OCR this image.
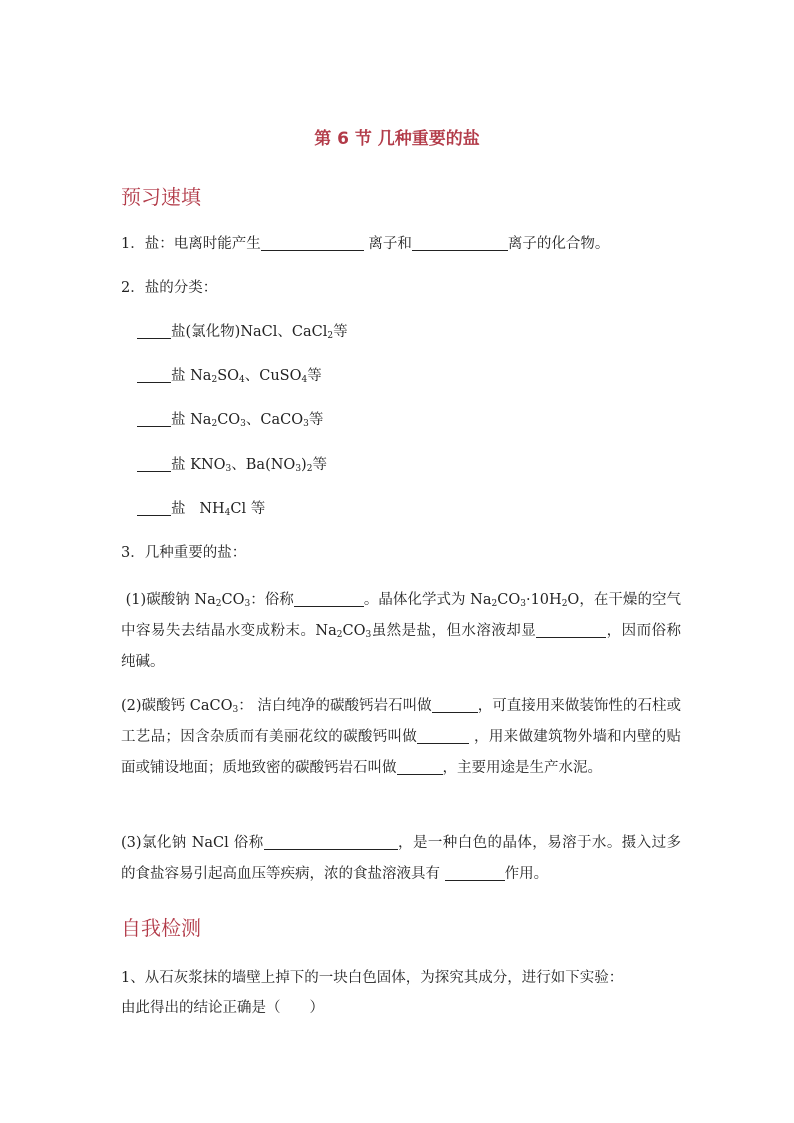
第 6 节 几种重要的盐
预习速填
1．盐：电离时能产生	离子和	离子的化合物。
2．盐的分类：
盐(氯化物)NaCl、CaCl$_2$等
盐 $Na_2SO_4$、CuSO$_4$等
盐 $Na_2CO_3$、CaCO$_3$等
盐 $KNO_3$、$Ba(NO_3)_2$等
盐 $NH_4Cl$ 等
3．几种重要的盐：
(1)碳酸钠 $Na_2CO_3$：俗称	。晶体化学式为 $Na_2CO_3\cdot 10H_2O$，在干燥的空气中容易失去结晶水变成粉末。$Na_2CO_3$虽然是盐，但水溶液却显	，因而俗称纯碱。
(2)碳酸钙 CaCO$_3$： 洁白纯净的碳酸钙岩石叫做	，可直接用来做装饰性的石柱或工艺品；因含杂质而有美丽花纹的碳酸钙叫做	，用来做建筑物外墙和内壁的贴面或铺设地面；质地致密的碳酸钙岩石叫做	，主要用途是生产水泥。
(3)氯化钠 NaCl 俗称	，是一种白色的晶体，易溶于水。摄入过多的食盐容易引起高血压等疾病，浓的食盐溶液具有	作用。
自我检测
1、从石灰浆抹的墙壁上掉下的一块白色固体，为探究其成分，进行如下实验：
由此得出的结论正确是（　　）
